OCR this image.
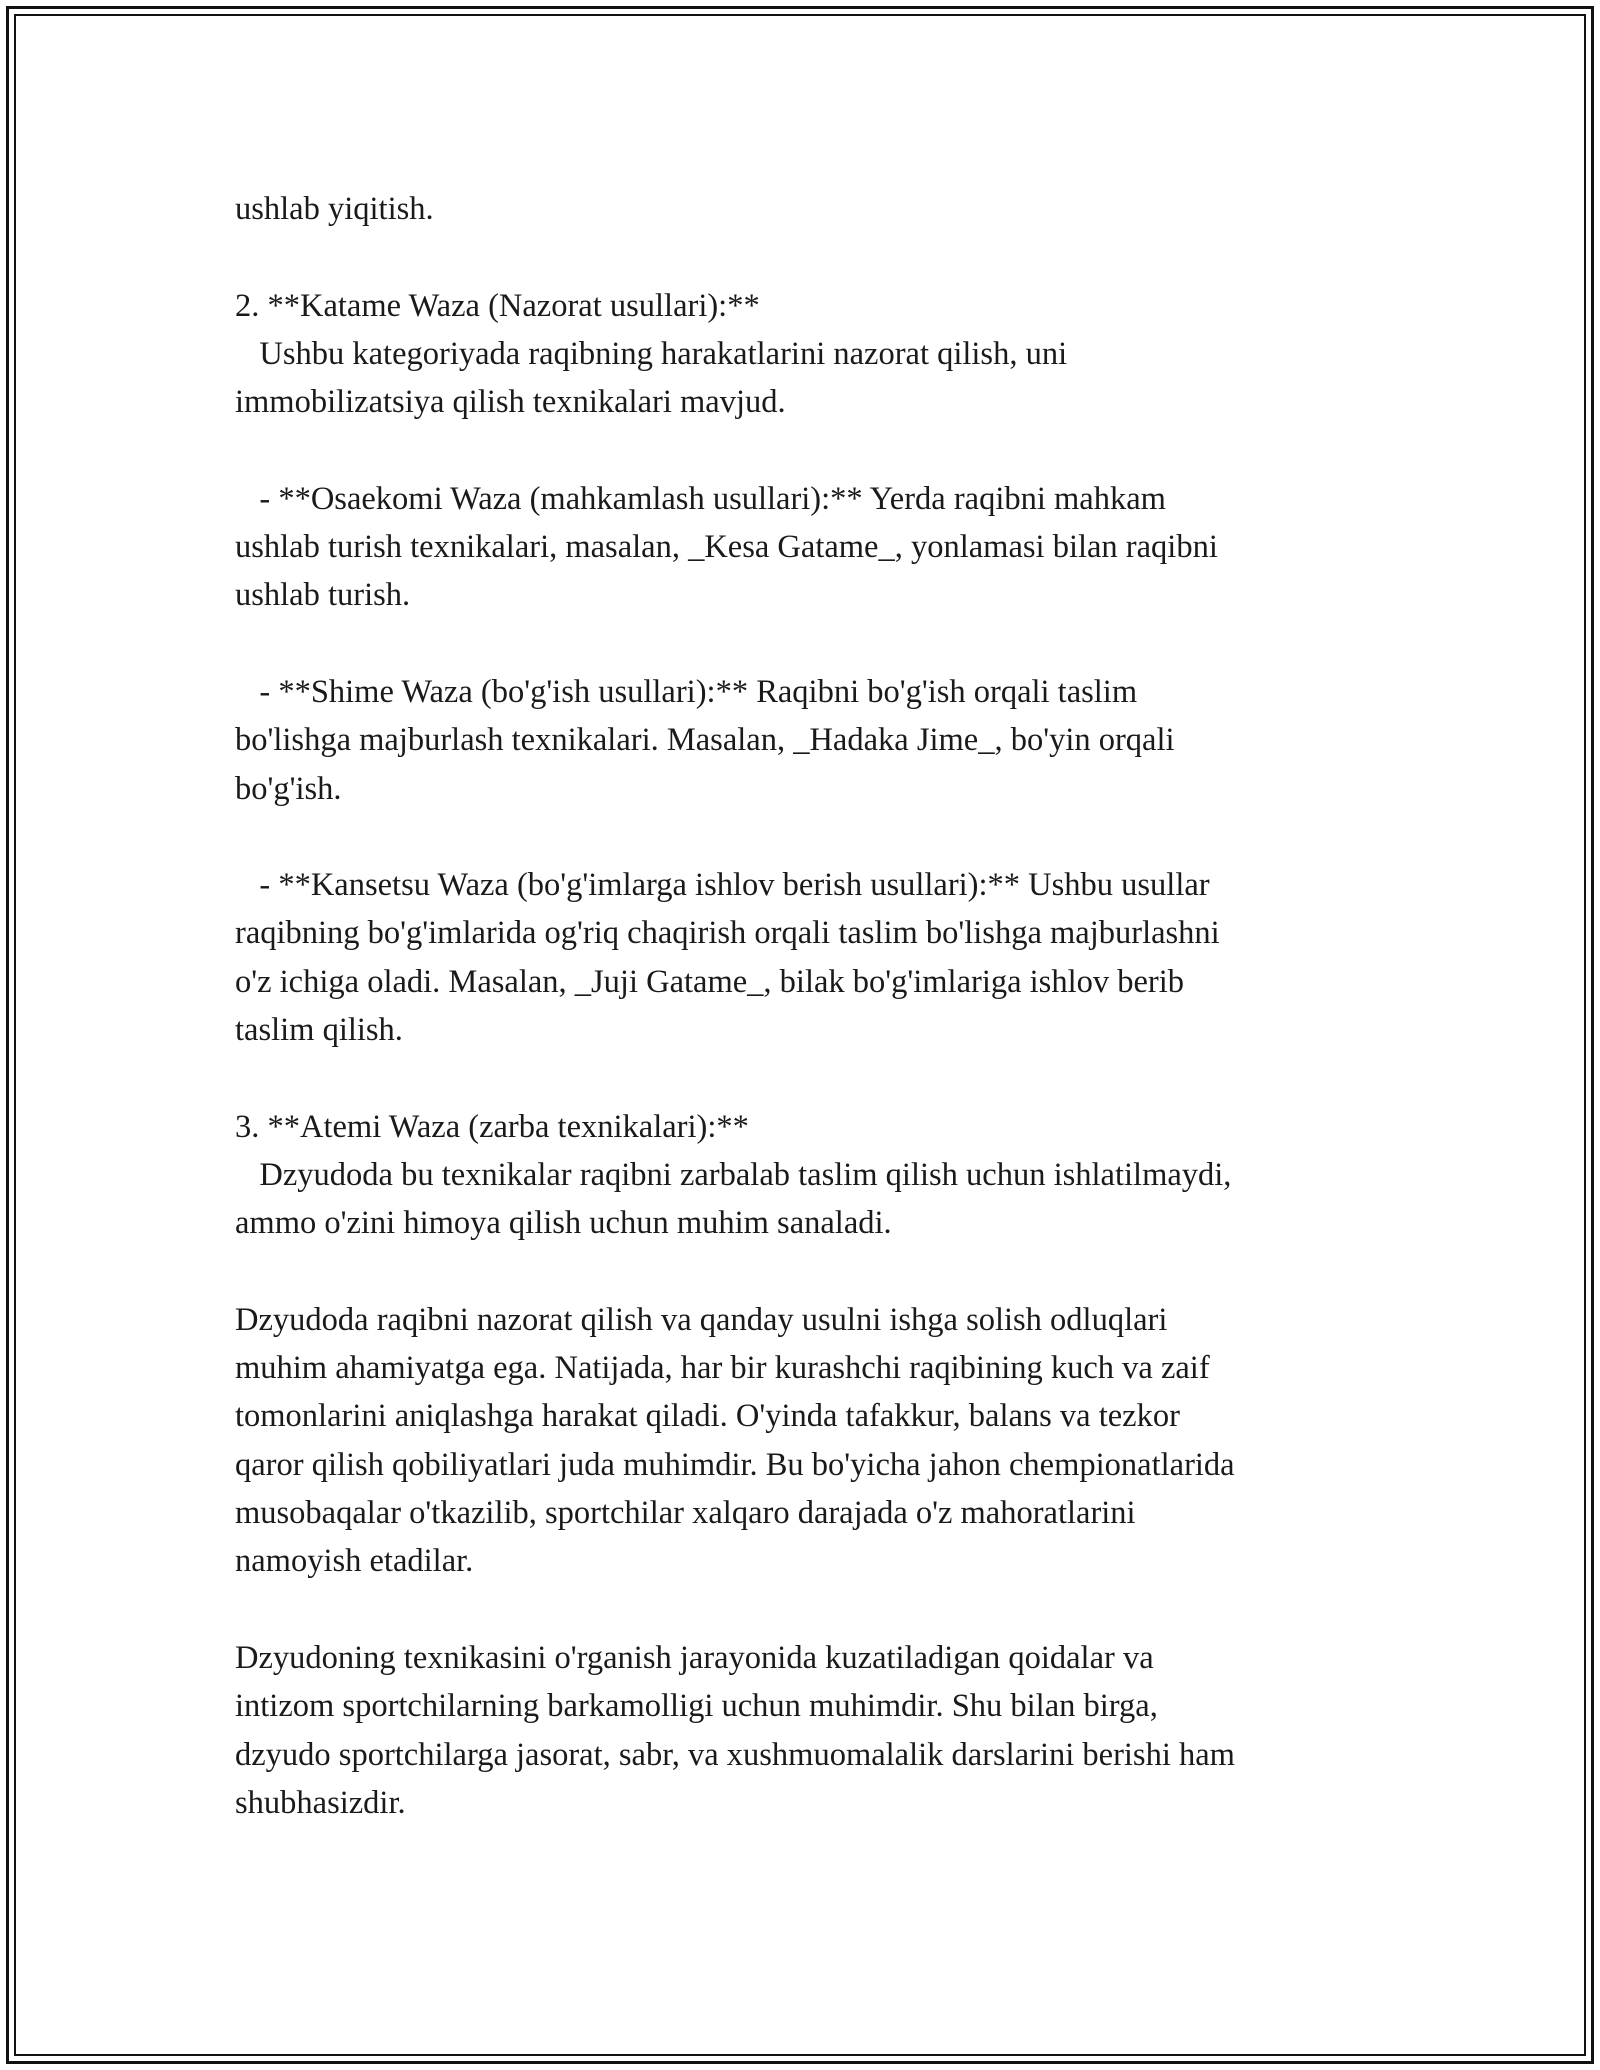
ushlab yiqitish.
2. **Katame Waza (Nazorat usullari):**
Ushbu kategoriyada raqibning harakatlarini nazorat qilish, uni
immobilizatsiya qilish texnikalari mavjud.
- **Osaekomi Waza (mahkamlash usullari):** Yerda raqibni mahkam
ushlab turish texnikalari, masalan, _Kesa Gatame_, yonlamasi bilan raqibni
ushlab turish.
- **Shime Waza (bo'g'ish usullari):** Raqibni bo'g'ish orqali taslim
bo'lishga majburlash texnikalari. Masalan, _Hadaka Jime_, bo'yin orqali
bo'g'ish.
- **Kansetsu Waza (bo'g'imlarga ishlov berish usullari):** Ushbu usullar
raqibning bo'g'imlarida og'riq chaqirish orqali taslim bo'lishga majburlashni
o'z ichiga oladi. Masalan, _Juji Gatame_, bilak bo'g'imlariga ishlov berib
taslim qilish.
3. **Atemi Waza (zarba texnikalari):**
Dzyudoda bu texnikalar raqibni zarbalab taslim qilish uchun ishlatilmaydi,
ammo o'zini himoya qilish uchun muhim sanaladi.
Dzyudoda raqibni nazorat qilish va qanday usulni ishga solish odluqlari
muhim ahamiyatga ega. Natijada, har bir kurashchi raqibining kuch va zaif
tomonlarini aniqlashga harakat qiladi. O'yinda tafakkur, balans va tezkor
qaror qilish qobiliyatlari juda muhimdir. Bu bo'yicha jahon chempionatlarida
musobaqalar o'tkazilib, sportchilar xalqaro darajada o'z mahoratlarini
namoyish etadilar.
Dzyudoning texnikasini o'rganish jarayonida kuzatiladigan qoidalar va
intizom sportchilarning barkamolligi uchun muhimdir. Shu bilan birga,
dzyudo sportchilarga jasorat, sabr, va xushmuomalalik darslarini berishi ham
shubhasizdir.
